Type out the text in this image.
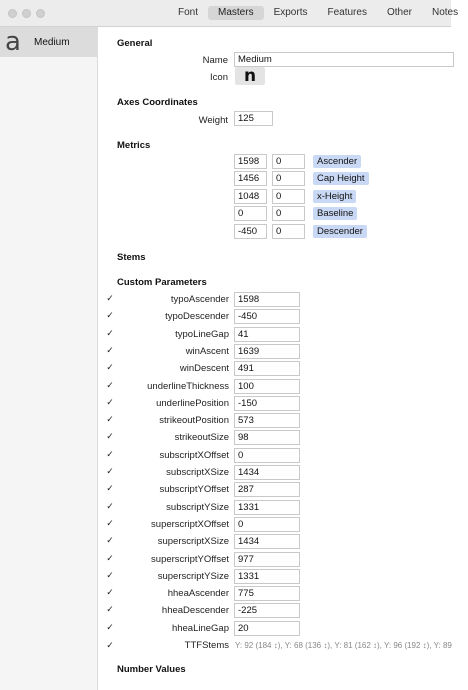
Font	Masters	Exports	Features	Other	Notes
a Medium	General
Name	Medium
Icon n
Axes Coordinates
Weight	125
Metrics
1598	0	Ascender
1456	0	Cap Height
1048	0	x-Height
0	0	Baseline
-450	0	Descender
Stems
Custom Parameters
✓	typoAscender 1598
✓	typoDescender -450
✓	typoLineGap 41
✓	winAscent 1639
✓	winDescent 491
✓	underlineThickness 100
✓	underlinePosition -150
✓	strikeoutPosition 573
✓	strikeoutSize 98
✓	subscriptXOffset 0
✓	subscriptXSize 1434
✓	subscriptYOffset 287
✓	subscriptYSize 1331
✓	superscriptXOffset 0
✓	superscriptXSize 1434
✓	superscriptYOffset 977
✓	superscriptYSize 1331
✓	hheaAscender 775
✓	hheaDescender -225
✓	hheaLineGap 20
✓	TTFStems Y: 92 (184 ↕), Y: 68 (136 ↕), Y: 81 (162 ↕), Y: 96 (192 ↕), Y: 89
Number Values
